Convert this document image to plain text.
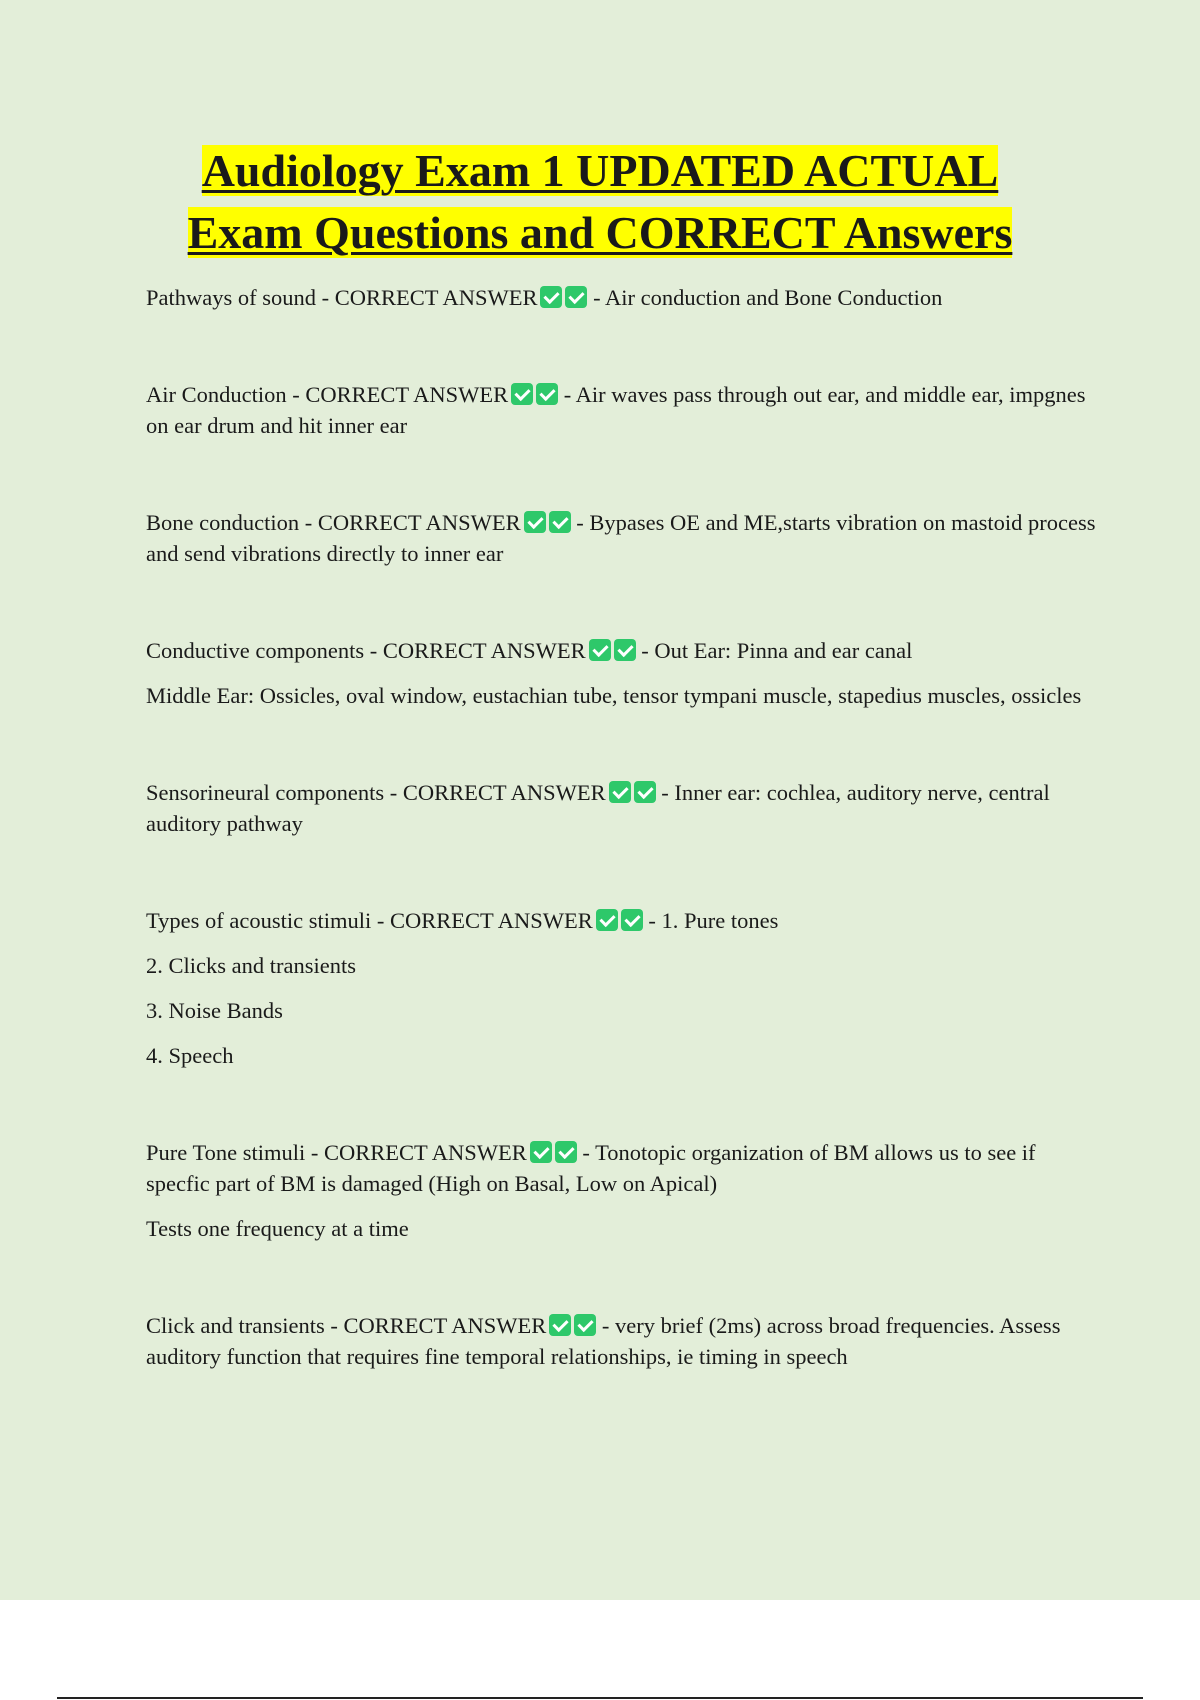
Audiology Exam 1 UPDATED ACTUAL
Exam Questions and CORRECT Answers

Pathways of sound - CORRECT ANSWER - Air conduction and Bone Conduction

Air Conduction - CORRECT ANSWER - Air waves pass through out ear, and middle ear, impgnes on ear drum and hit inner ear

Bone conduction - CORRECT ANSWER - Bypases OE and ME,starts vibration on mastoid process and send vibrations directly to inner ear

Conductive components - CORRECT ANSWER - Out Ear: Pinna and ear canal

Middle Ear: Ossicles, oval window, eustachian tube, tensor tympani muscle, stapedius muscles, ossicles

Sensorineural components - CORRECT ANSWER - Inner ear: cochlea, auditory nerve, central auditory pathway

Types of acoustic stimuli - CORRECT ANSWER - 1. Pure tones

2. Clicks and transients

3. Noise Bands

4. Speech

Pure Tone stimuli - CORRECT ANSWER - Tonotopic organization of BM allows us to see if specfic part of BM is damaged (High on Basal, Low on Apical)

Tests one frequency at a time

Click and transients - CORRECT ANSWER - very brief (2ms) across broad frequencies. Assess auditory function that requires fine temporal relationships, ie timing in speech
